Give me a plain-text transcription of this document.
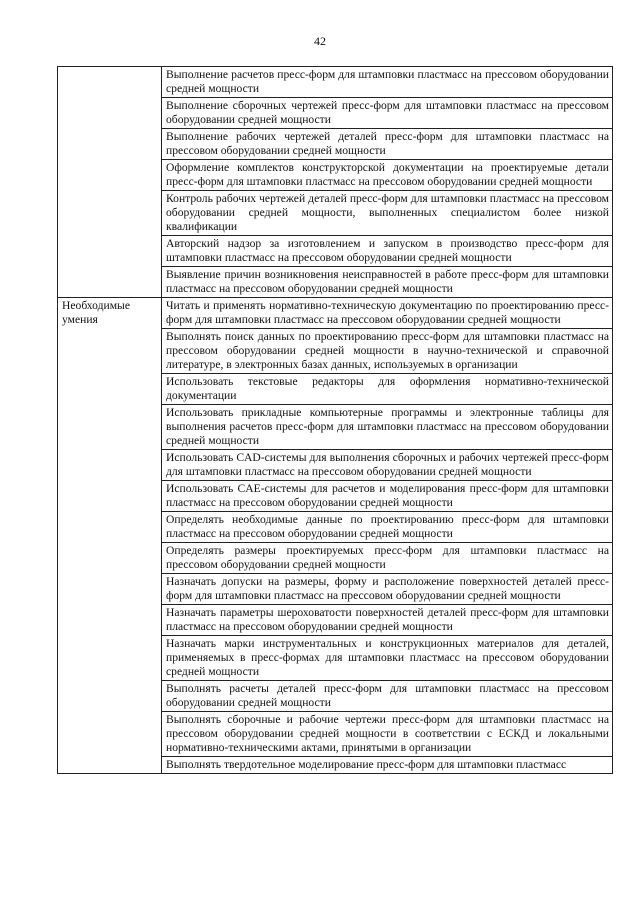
42
	Выполнение расчетов пресс-форм для штамповки пластмасс на прессовом оборудовании средней мощности
	Выполнение сборочных чертежей пресс-форм для штамповки пластмасс на прессовом оборудовании средней мощности
	Выполнение рабочих чертежей деталей пресс-форм для штамповки пластмасс на прессовом оборудовании средней мощности
	Оформление комплектов конструкторской документации на проектируемые детали пресс-форм для штамповки пластмасс на прессовом оборудовании средней мощности
	Контроль рабочих чертежей деталей пресс-форм для штамповки пластмасс на прессовом оборудовании средней мощности, выполненных специалистом более низкой квалификации
	Авторский надзор за изготовлением и запуском в производство пресс-форм для штамповки пластмасс на прессовом оборудовании средней мощности
	Выявление причин возникновения неисправностей в работе пресс-форм для штамповки пластмасс на прессовом оборудовании средней мощности
Необходимые умения	Читать и применять нормативно-техническую документацию по проектированию пресс-форм для штамповки пластмасс на прессовом оборудовании средней мощности
	Выполнять поиск данных по проектированию пресс-форм для штамповки пластмасс на прессовом оборудовании средней мощности в научно-технической и справочной литературе, в электронных базах данных, используемых в организации
	Использовать текстовые редакторы для оформления нормативно-технической документации
	Использовать прикладные компьютерные программы и электронные таблицы для выполнения расчетов пресс-форм для штамповки пластмасс на прессовом оборудовании средней мощности
	Использовать CAD-системы для выполнения сборочных и рабочих чертежей пресс-форм для штамповки пластмасс на прессовом оборудовании средней мощности
	Использовать CAE-системы для расчетов и моделирования пресс-форм для штамповки пластмасс на прессовом оборудовании средней мощности
	Определять необходимые данные по проектированию пресс-форм для штамповки пластмасс на прессовом оборудовании средней мощности
	Определять размеры проектируемых пресс-форм для штамповки пластмасс на прессовом оборудовании средней мощности
	Назначать допуски на размеры, форму и расположение поверхностей деталей пресс-форм для штамповки пластмасс на прессовом оборудовании средней мощности
	Назначать параметры шероховатости поверхностей деталей пресс-форм для штамповки пластмасс на прессовом оборудовании средней мощности
	Назначать марки инструментальных и конструкционных материалов для деталей, применяемых в пресс-формах для штамповки пластмасс на прессовом оборудовании средней мощности
	Выполнять расчеты деталей пресс-форм для штамповки пластмасс на прессовом оборудовании средней мощности
	Выполнять сборочные и рабочие чертежи пресс-форм для штамповки пластмасс на прессовом оборудовании средней мощности в соответствии с ЕСКД и локальными нормативно-техническими актами, принятыми в организации
	Выполнять твердотельное моделирование пресс-форм для штамповки пластмасс
